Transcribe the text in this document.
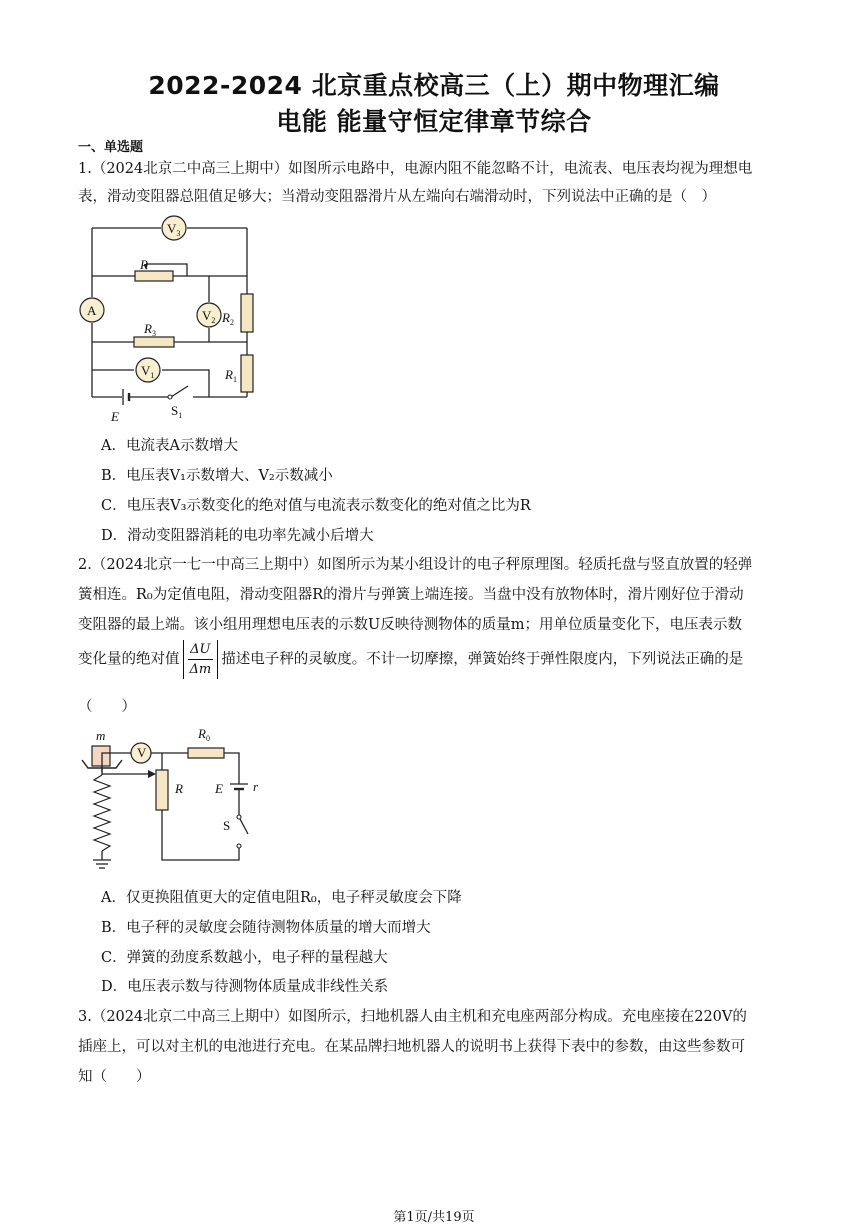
2022-2024 北京重点校高三（上）期中物理汇编
电能 能量守恒定律章节综合
一、单选题
1.（2024北京二中高三上期中）如图所示电路中，电源内阻不能忽略不计，电流表、电压表均视为理想电
表，滑动变阻器总阻值足够大；当滑动变阻器滑片从左端向右端滑动时，下列说法中正确的是（　）
$V_3$
A	$V_2$
$V_1$
R
$R_3$
$R_2$
$R_1$
E	$S_1$
A．电流表A示数增大
B．电压表V₁示数增大、V₂示数减小
C．电压表V₃示数变化的绝对值与电流表示数变化的绝对值之比为R
D．滑动变阻器消耗的电功率先减小后增大
2.（2024北京一七一中高三上期中）如图所示为某小组设计的电子秤原理图。轻质托盘与竖直放置的轻弹
簧相连。R₀为定值电阻，滑动变阻器R的滑片与弹簧上端连接。当盘中没有放物体时，滑片刚好位于滑动
变阻器的最上端。该小组用理想电压表的示数U反映待测物体的质量m；用单位质量变化下，电压表示数
变化量的绝对值 $\frac{\Delta U}{\Delta m}$ 描述电子秤的灵敏度。不计一切摩擦，弹簧始终于弹性限度内，下列说法正确的是
（　　）
m
V
$R_0$
R E r
S
A．仅更换阻值更大的定值电阻R₀，电子秤灵敏度会下降
B．电子秤的灵敏度会随待测物体质量的增大而增大
C．弹簧的劲度系数越小，电子秤的量程越大
D．电压表示数与待测物体质量成非线性关系
3.（2024北京二中高三上期中）如图所示，扫地机器人由主机和充电座两部分构成。充电座接在220V的
插座上，可以对主机的电池进行充电。在某品牌扫地机器人的说明书上获得下表中的参数，由这些参数可
知（　　）
第1页/共19页
